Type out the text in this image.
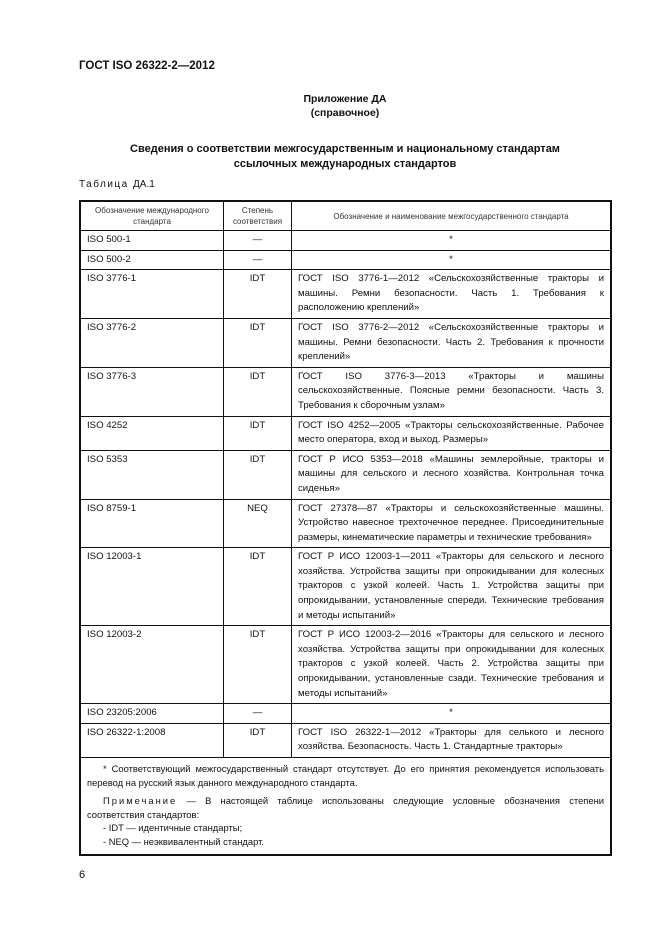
ГОСТ ISO 26322-2—2012
Приложение ДА
(справочное)
Сведения о соответствии межгосударственным и национальному стандартам
ссылочных международных стандартов
Таблица ДА.1
Обозначение международного стандарта	Степень соответствия	Обозначение и наименование межгосударственного стандарта
ISO 500-1	—	*
ISO 500-2	—	*
ISO 3776-1	IDT	ГОСТ ISO 3776-1—2012 «Сельскохозяйственные тракторы и машины. Ремни безопасности. Часть 1. Требования к расположению креплений»
ISO 3776-2	IDT	ГОСТ ISO 3776-2—2012 «Сельскохозяйственные тракторы и машины. Ремни безопасности. Часть 2. Требования к прочности креплений»
ISO 3776-3	IDT	ГОСТ ISO 3776-3—2013 «Тракторы и машины сельскохозяйственные. Поясные ремни безопасности. Часть 3. Требования к сборочным узлам»
ISO 4252	IDT	ГОСТ ISO 4252—2005 «Тракторы сельскохозяйственные. Рабочее место оператора, вход и выход. Размеры»
ISO 5353	IDT	ГОСТ Р ИСО 5353—2018 «Машины землеройные, тракторы и машины для сельского и лесного хозяйства. Контрольная точка сиденья»
ISO 8759-1	NEQ	ГОСТ 27378—87 «Тракторы и сельскохозяйственные машины. Устройство навесное трехточечное переднее. Присоединительные размеры, кинематические параметры и технические требования»
ISO 12003-1	IDT	ГОСТ Р ИСО 12003-1—2011 «Тракторы для сельского и лесного хозяйства. Устройства защиты при опрокидывании для колесных тракторов с узкой колеей. Часть 1. Устройства защиты при опрокидывании, установленные спереди. Технические требования и методы испытаний»
ISO 12003-2	IDT	ГОСТ Р ИСО 12003-2—2016 «Тракторы для сельского и лесного хозяйства. Устройства защиты при опрокидывании для колесных тракторов с узкой колеей. Часть 2. Устройства защиты при опрокидывании, установленные сзади. Технические требования и методы испытаний»
ISO 23205:2006	—	*
ISO 26322-1:2008	IDT	ГОСТ ISO 26322-1—2012 «Тракторы для селького и лесного хозяйства. Безопасность. Часть 1. Стандартные тракторы»

* Соответствующий межгосударственный стандарт отсутствует. До его принятия рекомендуется использовать перевод на русский язык данного международного стандарта.

Примечание — В настоящей таблице использованы следующие условные обозначения степени соответствия стандартов:

- IDT — идентичные стандарты;
- NEQ — неэквивалентный стандарт.		
6
